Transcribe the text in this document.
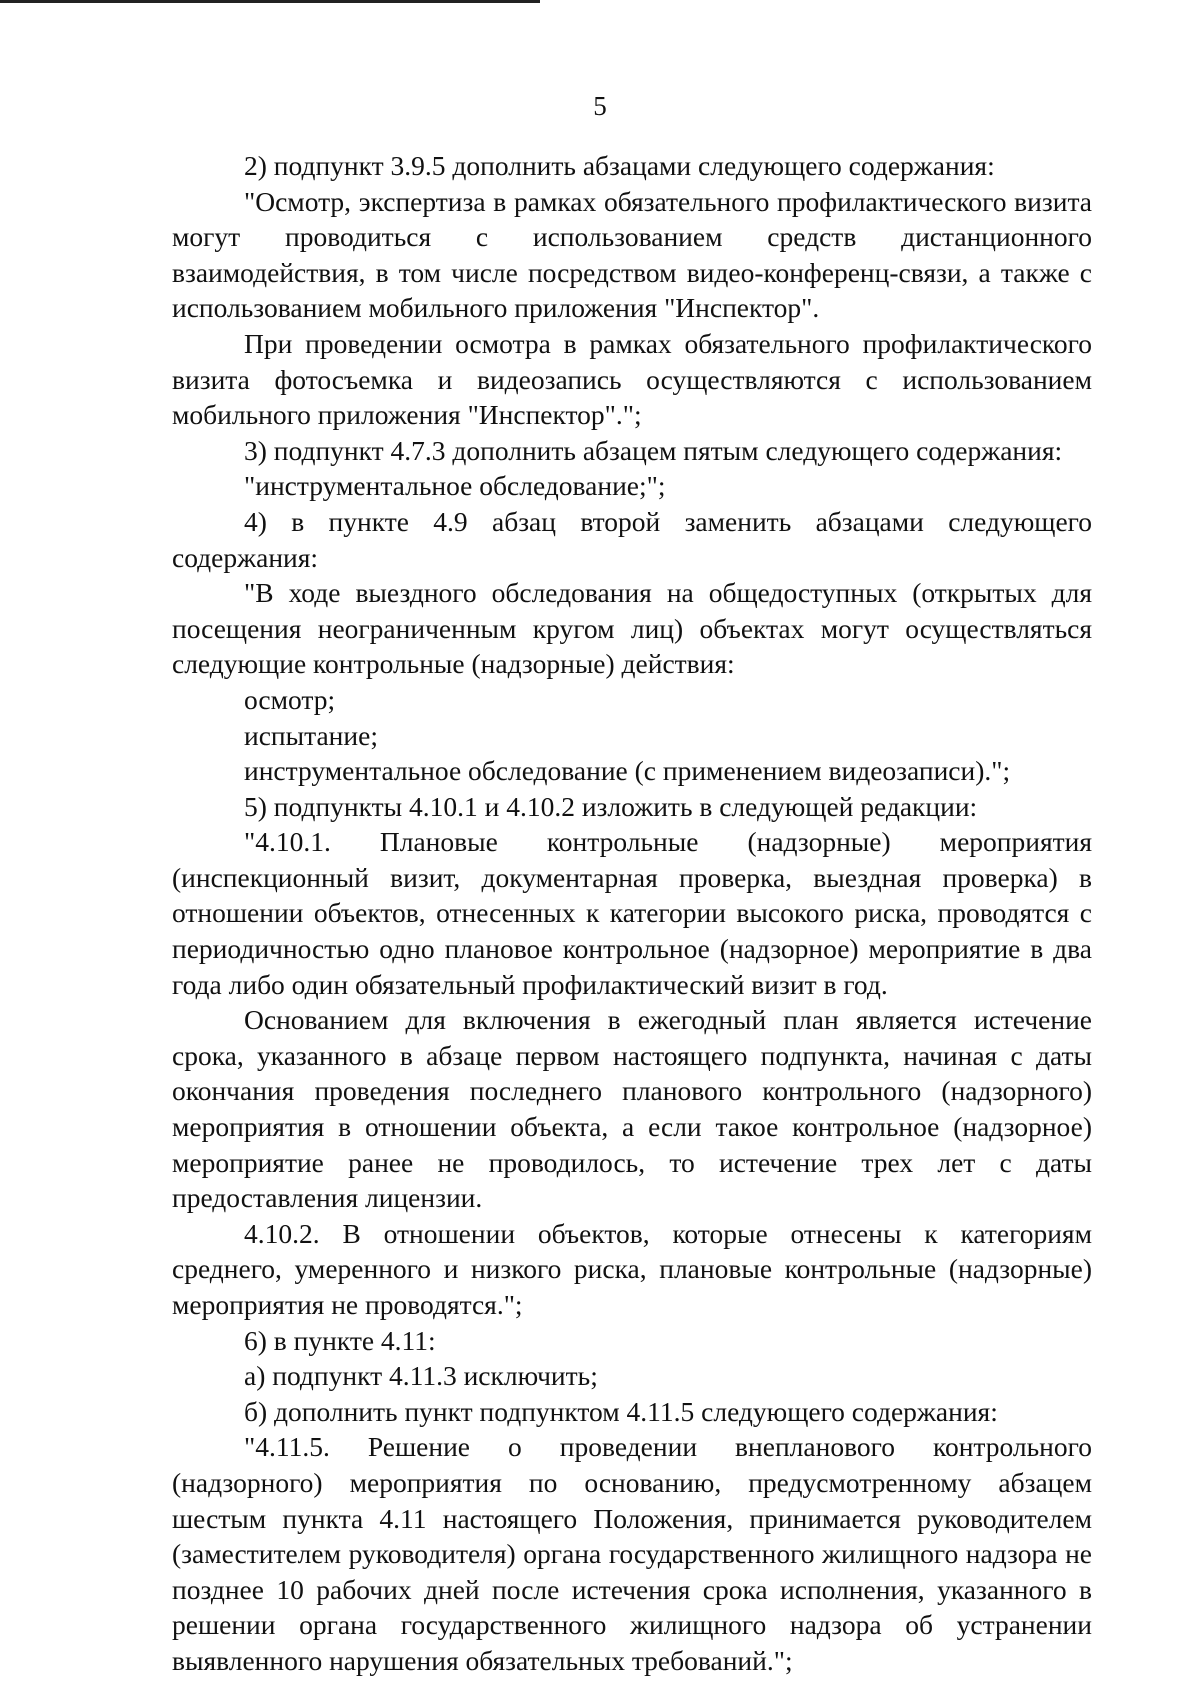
5

2) подпункт 3.9.5 дополнить абзацами следующего содержания:

"Осмотр, экспертиза в рамках обязательного профилактического визита могут проводиться с использованием средств дистанционного взаимодействия, в том числе посредством видео-конференц-связи, а также с использованием мобильного приложения "Инспектор".

При проведении осмотра в рамках обязательного профилактического визита фотосъемка и видеозапись осуществляются с использованием мобильного приложения "Инспектор".";

3) подпункт 4.7.3 дополнить абзацем пятым следующего содержания:

"инструментальное обследование;";

4) в пункте 4.9 абзац второй заменить абзацами следующего содержания:

"В ходе выездного обследования на общедоступных (открытых для посещения неограниченным кругом лиц) объектах могут осуществляться следующие контрольные (надзорные) действия:

осмотр;

испытание;

инструментальное обследование (с применением видеозаписи).";

5) подпункты 4.10.1 и 4.10.2 изложить в следующей редакции:

"4.10.1. Плановые контрольные (надзорные) мероприятия (инспекционный визит, документарная проверка, выездная проверка) в отношении объектов, отнесенных к категории высокого риска, проводятся с периодичностью одно плановое контрольное (надзорное) мероприятие в два года либо один обязательный профилактический визит в год.

Основанием для включения в ежегодный план является истечение срока, указанного в абзаце первом настоящего подпункта, начиная с даты окончания проведения последнего планового контрольного (надзорного) мероприятия в отношении объекта, а если такое контрольное (надзорное) мероприятие ранее не проводилось, то истечение трех лет с даты предоставления лицензии.

4.10.2. В отношении объектов, которые отнесены к категориям среднего, умеренного и низкого риска, плановые контрольные (надзорные) мероприятия не проводятся.";

6) в пункте 4.11:

а) подпункт 4.11.3 исключить;

б) дополнить пункт подпунктом 4.11.5 следующего содержания:

"4.11.5. Решение о проведении внепланового контрольного (надзорного) мероприятия по основанию, предусмотренному абзацем шестым пункта 4.11 настоящего Положения, принимается руководителем (заместителем руководителя) органа государственного жилищного надзора не позднее 10 рабочих дней после истечения срока исполнения, указанного в решении органа государственного жилищного надзора об устранении выявленного нарушения обязательных требований.";
